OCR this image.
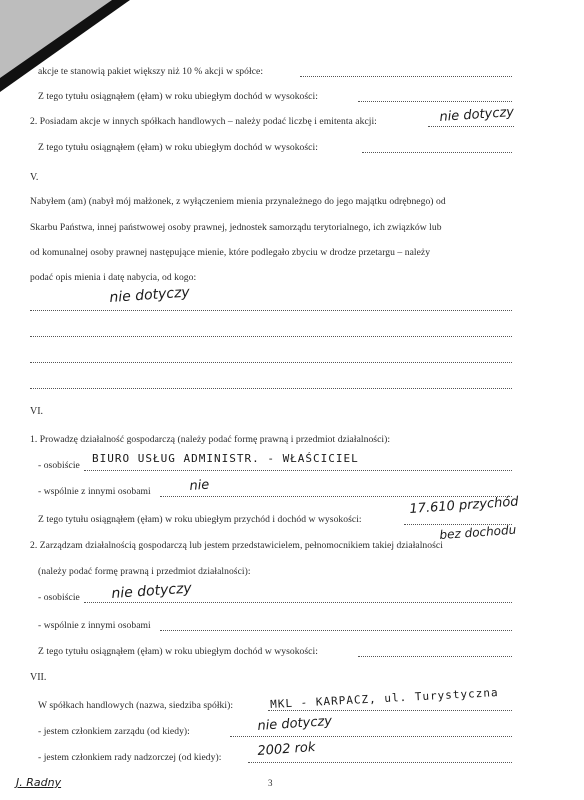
akcje te stanowią pakiet większy niż 10 % akcji w spółce:
Z tego tytułu osiągnąłem (ęłam) w roku ubiegłym dochód w wysokości:
2. Posiadam akcje w innych spółkach handlowych – należy podać liczbę i emitenta akcji:	nie dotyczy
Z tego tytułu osiągnąłem (ęłam) w roku ubiegłym dochód w wysokości:
V.
Nabyłem (am) (nabył mój małżonek, z wyłączeniem mienia przynależnego do jego majątku odrębnego) od
Skarbu Państwa, innej państwowej osoby prawnej, jednostek samorządu terytorialnego, ich związków lub
od komunalnej osoby prawnej następujące mienie, które podlegało zbyciu w drodze przetargu – należy
podać opis mienia i datę nabycia, od kogo:
nie dotyczy
VI.
1. Prowadzę działalność gospodarczą (należy podać formę prawną i przedmiot działalności):
- osobiście
BIURO USŁUG ADMINISTR. - WŁAŚCICIEL
- wspólnie z innymi osobami	nie
Z tego tytułu osiągnąłem (ęłam) w roku ubiegłym przychód i dochód w wysokości:
17.610 przychód
bez dochodu
2. Zarządzam działalnością gospodarczą lub jestem przedstawicielem, pełnomocnikiem takiej działalności
(należy podać formę prawną i przedmiot działalności):
- osobiście nie dotyczy
- wspólnie z innymi osobami
Z tego tytułu osiągnąłem (ęłam) w roku ubiegłym dochód w wysokości:
VII.
W spółkach handlowych (nazwa, siedziba spółki):	MKL - KARPACZ, ul. Turystyczna
- jestem członkiem zarządu (od kiedy):	nie dotyczy
- jestem członkiem rady nadzorczej (od kiedy):	2002 rok
J. Radny	3
